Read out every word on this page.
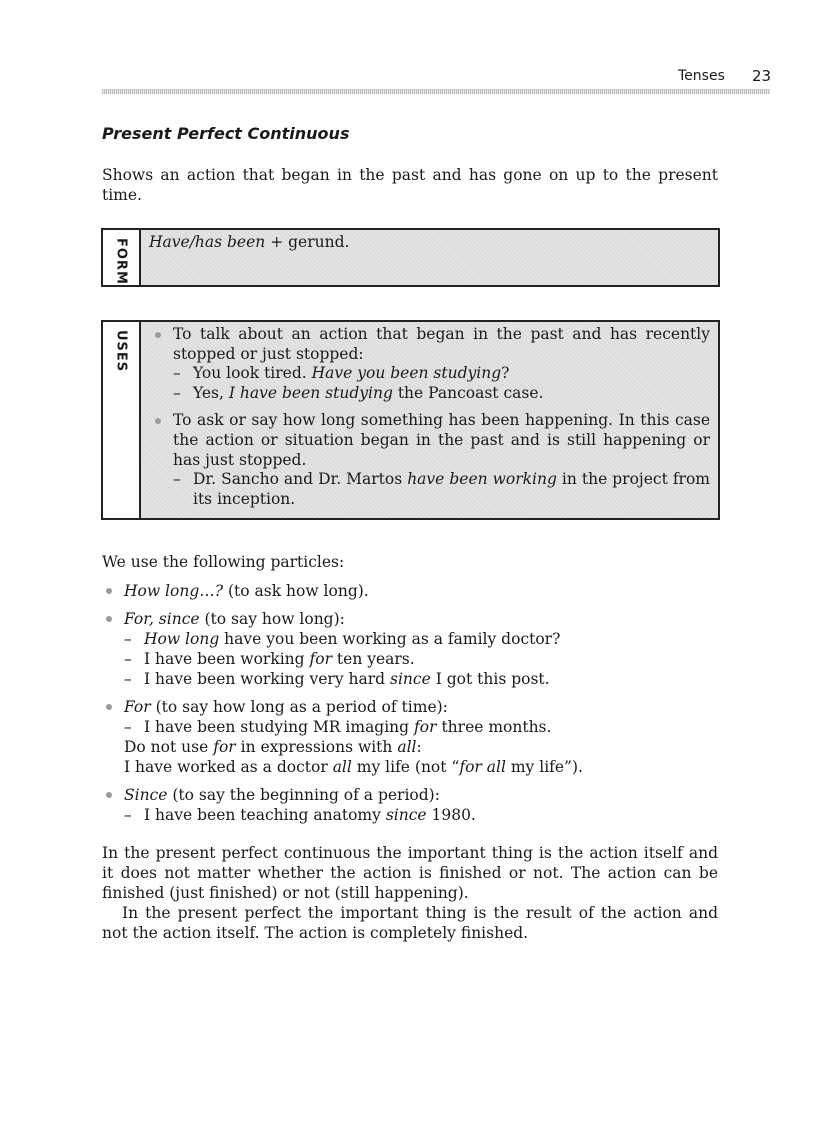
Tenses 23
Present Perfect Continuous

Shows an action that began in the past and has gone on up to the present time.

FORM	Have/has been + gerund.
USES	To talk about an action that began in the past and has recently stopped or just stopped:

– You look tired. Have you been studying?

– Yes, I have been studying the Pancoast case.

To ask or say how long something has been happening. In this case the action or situation began in the past and is still happening or has just stopped.

– Dr. Sancho and Dr. Martos have been working in the project from its inception.

We use the following particles:

How long…? (to ask how long).

For, since (to say how long):

– How long have you been working as a family doctor?

– I have been working for ten years.

– I have been working very hard since I got this post.

For (to say how long as a period of time):

– I have been studying MR imaging for three months.

Do not use for in expressions with all:

I have worked as a doctor all my life (not “for all my life”).

Since (to say the beginning of a period):

– I have been teaching anatomy since 1980.

In the present perfect continuous the important thing is the action itself and it does not matter whether the action is finished or not. The action can be finished (just finished) or not (still happening).

In the present perfect the important thing is the result of the action and not the action itself. The action is completely finished.
